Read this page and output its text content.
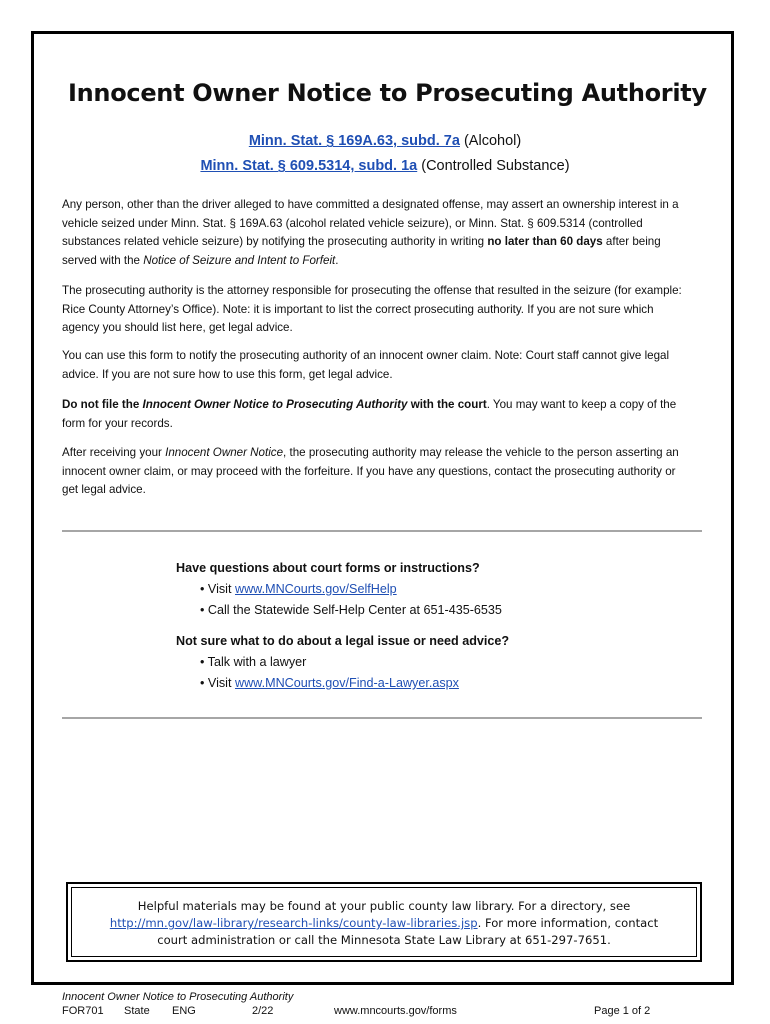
Innocent Owner Notice to Prosecuting Authority
Minn. Stat. § 169A.63, subd. 7a (Alcohol)
Minn. Stat. § 609.5314, subd. 1a (Controlled Substance)
Any person, other than the driver alleged to have committed a designated offense, may assert an ownership interest in a vehicle seized under Minn. Stat. § 169A.63 (alcohol related vehicle seizure), or Minn. Stat. § 609.5314 (controlled substances related vehicle seizure) by notifying the prosecuting authority in writing no later than 60 days after being served with the Notice of Seizure and Intent to Forfeit.
The prosecuting authority is the attorney responsible for prosecuting the offense that resulted in the seizure (for example: Rice County Attorney’s Office). Note: it is important to list the correct prosecuting authority. If you are not sure which agency you should list here, get legal advice.
You can use this form to notify the prosecuting authority of an innocent owner claim. Note: Court staff cannot give legal advice. If you are not sure how to use this form, get legal advice.
Do not file the Innocent Owner Notice to Prosecuting Authority with the court. You may want to keep a copy of the form for your records.
After receiving your Innocent Owner Notice, the prosecuting authority may release the vehicle to the person asserting an innocent owner claim, or may proceed with the forfeiture. If you have any questions, contact the prosecuting authority or get legal advice.
Have questions about court forms or instructions?
• Visit www.MNCourts.gov/SelfHelp
• Call the Statewide Self-Help Center at 651-435-6535
Not sure what to do about a legal issue or need advice?
• Talk with a lawyer
• Visit www.MNCourts.gov/Find-a-Lawyer.aspx
Helpful materials may be found at your public county law library. For a directory, see
http://mn.gov/law-library/research-links/county-law-libraries.jsp. For more information, contact
court administration or call the Minnesota State Law Library at 651-297-7651.
Innocent Owner Notice to Prosecuting Authority
FOR701 State ENG	2/22	www.mncourts.gov/forms	Page 1 of 2
